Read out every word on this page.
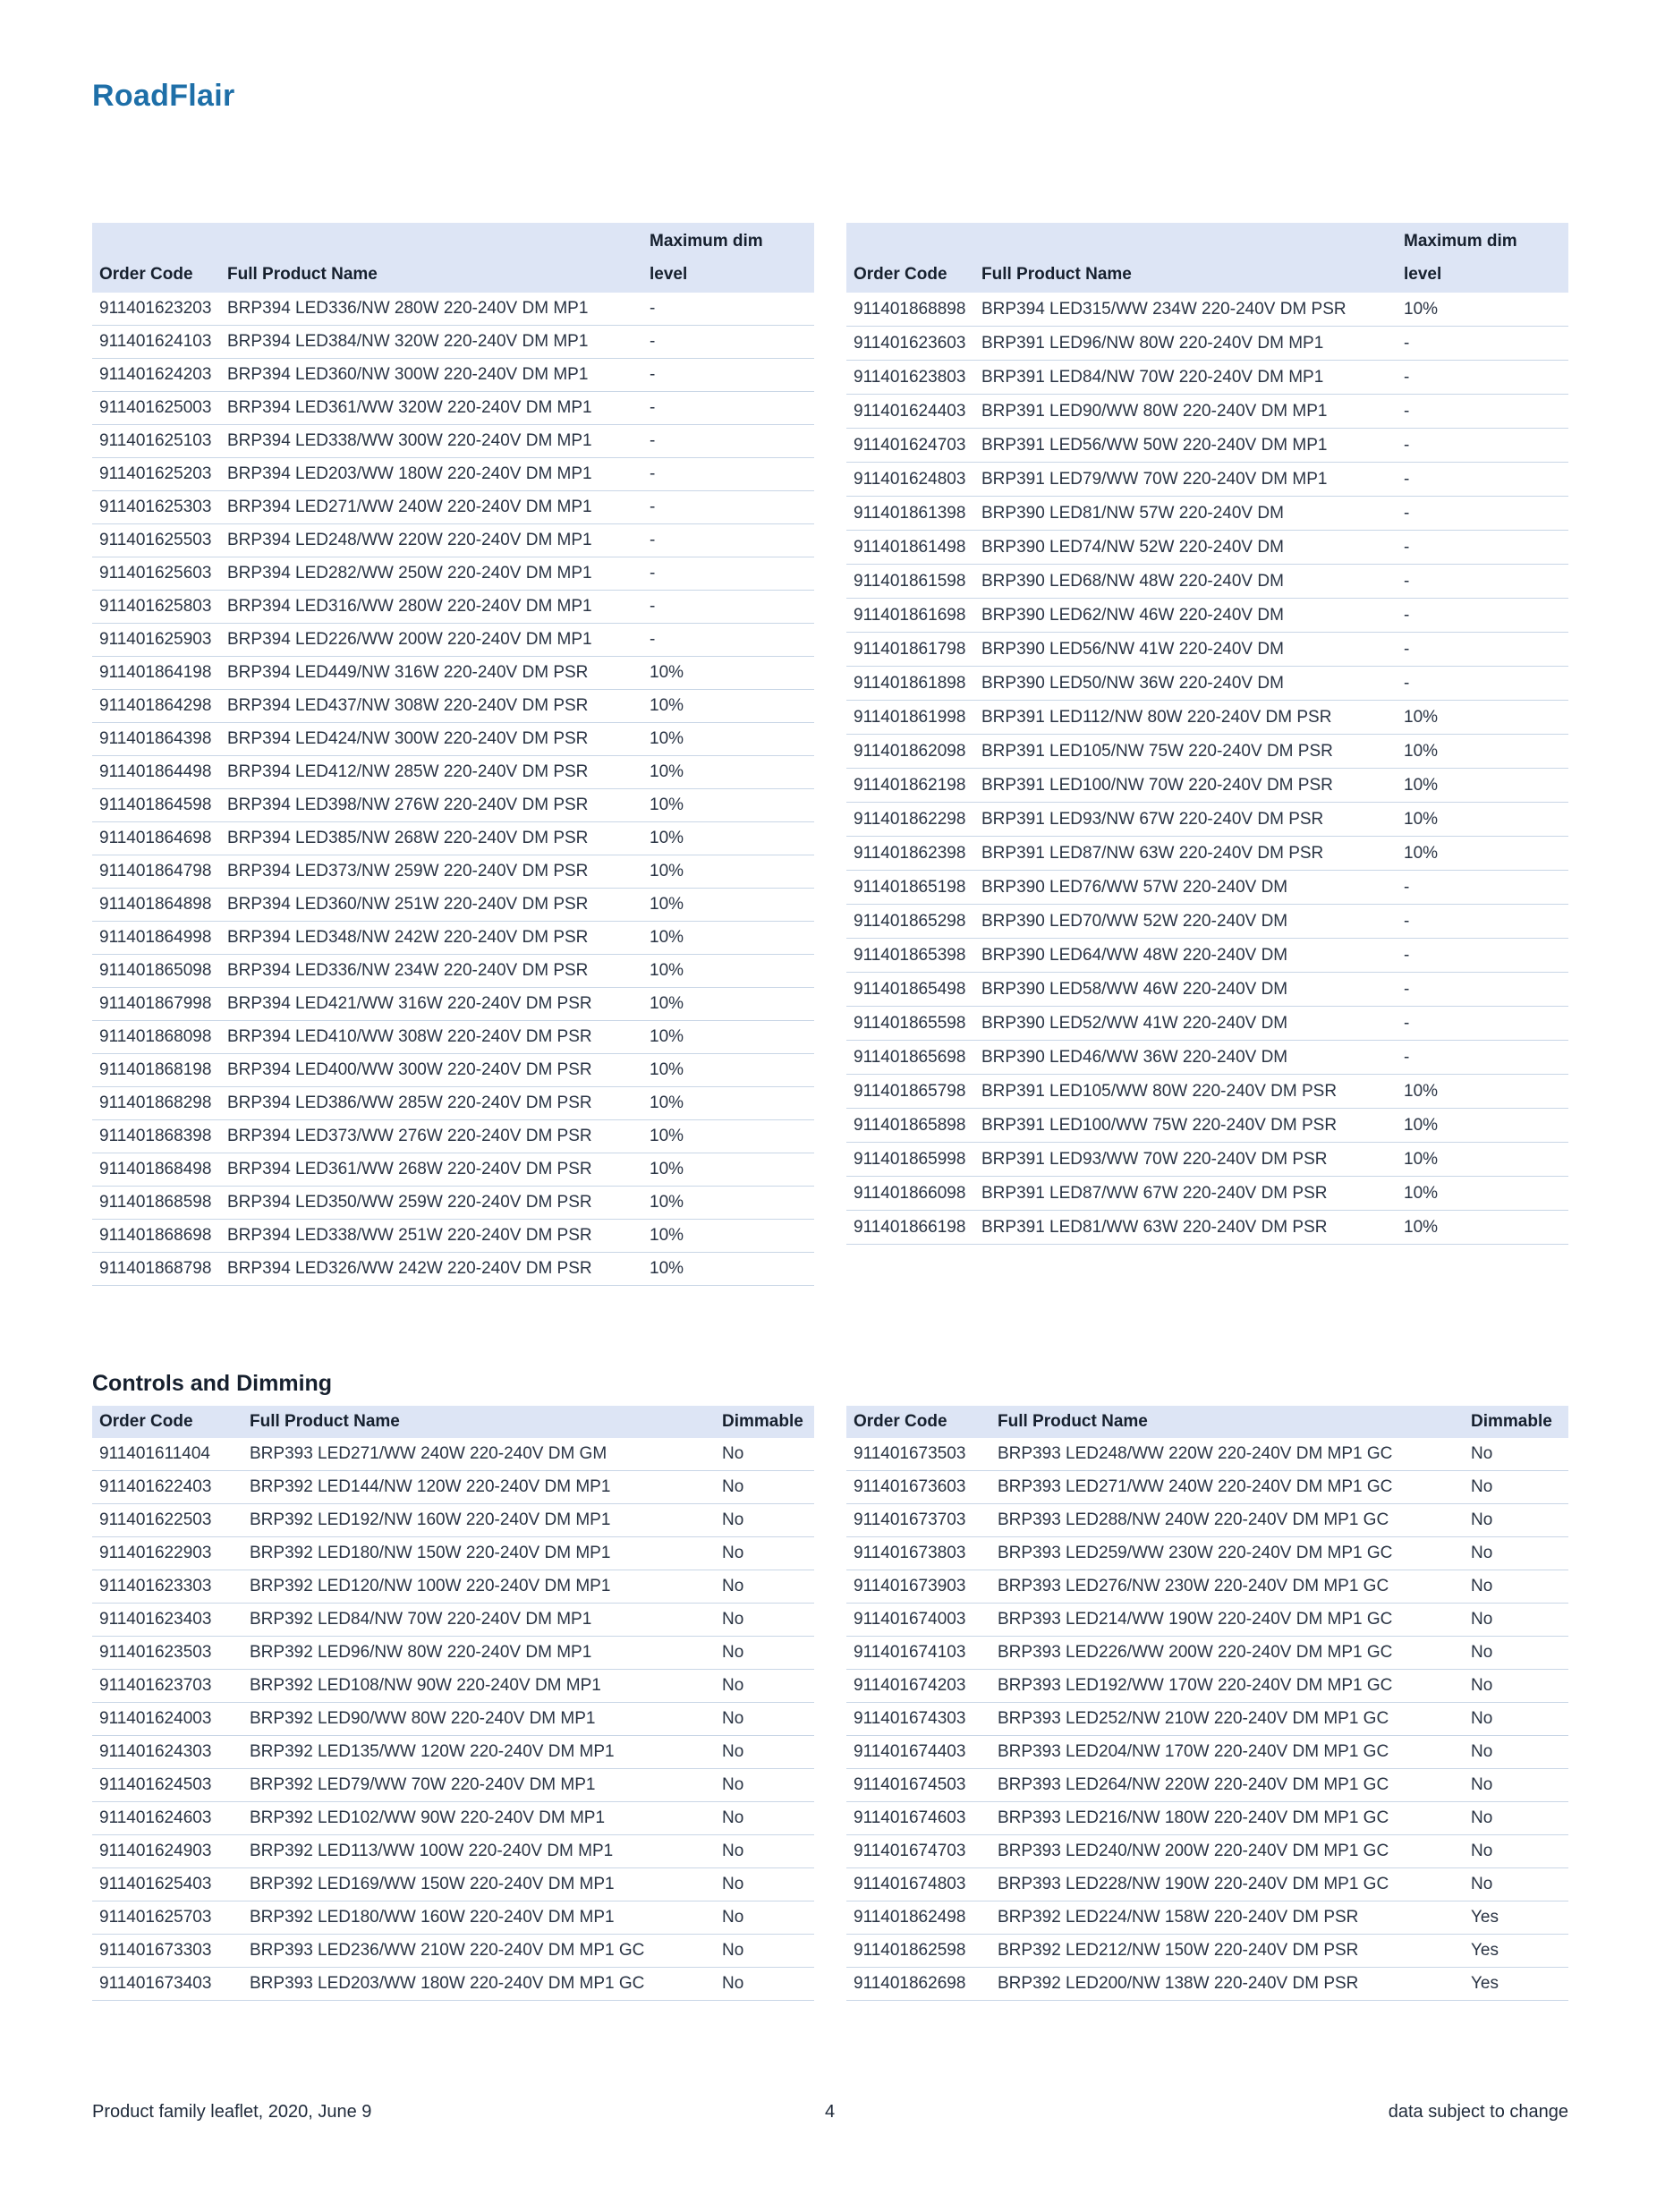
RoadFlair
Order Code	Full Product Name	Maximum dim
level
911401623203	BRP394 LED336/NW 280W 220-240V DM MP1	-
911401624103	BRP394 LED384/NW 320W 220-240V DM MP1	-
911401624203	BRP394 LED360/NW 300W 220-240V DM MP1	-
911401625003	BRP394 LED361/WW 320W 220-240V DM MP1	-
911401625103	BRP394 LED338/WW 300W 220-240V DM MP1	-
911401625203	BRP394 LED203/WW 180W 220-240V DM MP1	-
911401625303	BRP394 LED271/WW 240W 220-240V DM MP1	-
911401625503	BRP394 LED248/WW 220W 220-240V DM MP1	-
911401625603	BRP394 LED282/WW 250W 220-240V DM MP1	-
911401625803	BRP394 LED316/WW 280W 220-240V DM MP1	-
911401625903	BRP394 LED226/WW 200W 220-240V DM MP1	-
911401864198	BRP394 LED449/NW 316W 220-240V DM PSR	10%
911401864298	BRP394 LED437/NW 308W 220-240V DM PSR	10%
911401864398	BRP394 LED424/NW 300W 220-240V DM PSR	10%
911401864498	BRP394 LED412/NW 285W 220-240V DM PSR	10%
911401864598	BRP394 LED398/NW 276W 220-240V DM PSR	10%
911401864698	BRP394 LED385/NW 268W 220-240V DM PSR	10%
911401864798	BRP394 LED373/NW 259W 220-240V DM PSR	10%
911401864898	BRP394 LED360/NW 251W 220-240V DM PSR	10%
911401864998	BRP394 LED348/NW 242W 220-240V DM PSR	10%
911401865098	BRP394 LED336/NW 234W 220-240V DM PSR	10%
911401867998	BRP394 LED421/WW 316W 220-240V DM PSR	10%
911401868098	BRP394 LED410/WW 308W 220-240V DM PSR	10%
911401868198	BRP394 LED400/WW 300W 220-240V DM PSR	10%
911401868298	BRP394 LED386/WW 285W 220-240V DM PSR	10%
911401868398	BRP394 LED373/WW 276W 220-240V DM PSR	10%
911401868498	BRP394 LED361/WW 268W 220-240V DM PSR	10%
911401868598	BRP394 LED350/WW 259W 220-240V DM PSR	10%
911401868698	BRP394 LED338/WW 251W 220-240V DM PSR	10%
911401868798	BRP394 LED326/WW 242W 220-240V DM PSR	10%
Order Code	Full Product Name	Maximum dim
level
911401868898	BRP394 LED315/WW 234W 220-240V DM PSR	10%
911401623603	BRP391 LED96/NW 80W 220-240V DM MP1	-
911401623803	BRP391 LED84/NW 70W 220-240V DM MP1	-
911401624403	BRP391 LED90/WW 80W 220-240V DM MP1	-
911401624703	BRP391 LED56/WW 50W 220-240V DM MP1	-
911401624803	BRP391 LED79/WW 70W 220-240V DM MP1	-
911401861398	BRP390 LED81/NW 57W 220-240V DM	-
911401861498	BRP390 LED74/NW 52W 220-240V DM	-
911401861598	BRP390 LED68/NW 48W 220-240V DM	-
911401861698	BRP390 LED62/NW 46W 220-240V DM	-
911401861798	BRP390 LED56/NW 41W 220-240V DM	-
911401861898	BRP390 LED50/NW 36W 220-240V DM	-
911401861998	BRP391 LED112/NW 80W 220-240V DM PSR	10%
911401862098	BRP391 LED105/NW 75W 220-240V DM PSR	10%
911401862198	BRP391 LED100/NW 70W 220-240V DM PSR	10%
911401862298	BRP391 LED93/NW 67W 220-240V DM PSR	10%
911401862398	BRP391 LED87/NW 63W 220-240V DM PSR	10%
911401865198	BRP390 LED76/WW 57W 220-240V DM	-
911401865298	BRP390 LED70/WW 52W 220-240V DM	-
911401865398	BRP390 LED64/WW 48W 220-240V DM	-
911401865498	BRP390 LED58/WW 46W 220-240V DM	-
911401865598	BRP390 LED52/WW 41W 220-240V DM	-
911401865698	BRP390 LED46/WW 36W 220-240V DM	-
911401865798	BRP391 LED105/WW 80W 220-240V DM PSR	10%
911401865898	BRP391 LED100/WW 75W 220-240V DM PSR	10%
911401865998	BRP391 LED93/WW 70W 220-240V DM PSR	10%
911401866098	BRP391 LED87/WW 67W 220-240V DM PSR	10%
911401866198	BRP391 LED81/WW 63W 220-240V DM PSR	10%
Controls and Dimming
Order Code	Full Product Name	Dimmable
911401611404	BRP393 LED271/WW 240W 220-240V DM GM	No
911401622403	BRP392 LED144/NW 120W 220-240V DM MP1	No
911401622503	BRP392 LED192/NW 160W 220-240V DM MP1	No
911401622903	BRP392 LED180/NW 150W 220-240V DM MP1	No
911401623303	BRP392 LED120/NW 100W 220-240V DM MP1	No
911401623403	BRP392 LED84/NW 70W 220-240V DM MP1	No
911401623503	BRP392 LED96/NW 80W 220-240V DM MP1	No
911401623703	BRP392 LED108/NW 90W 220-240V DM MP1	No
911401624003	BRP392 LED90/WW 80W 220-240V DM MP1	No
911401624303	BRP392 LED135/WW 120W 220-240V DM MP1	No
911401624503	BRP392 LED79/WW 70W 220-240V DM MP1	No
911401624603	BRP392 LED102/WW 90W 220-240V DM MP1	No
911401624903	BRP392 LED113/WW 100W 220-240V DM MP1	No
911401625403	BRP392 LED169/WW 150W 220-240V DM MP1	No
911401625703	BRP392 LED180/WW 160W 220-240V DM MP1	No
911401673303	BRP393 LED236/WW 210W 220-240V DM MP1 GC	No
911401673403	BRP393 LED203/WW 180W 220-240V DM MP1 GC	No
Order Code	Full Product Name	Dimmable
911401673503	BRP393 LED248/WW 220W 220-240V DM MP1 GC	No
911401673603	BRP393 LED271/WW 240W 220-240V DM MP1 GC	No
911401673703	BRP393 LED288/NW 240W 220-240V DM MP1 GC	No
911401673803	BRP393 LED259/WW 230W 220-240V DM MP1 GC	No
911401673903	BRP393 LED276/NW 230W 220-240V DM MP1 GC	No
911401674003	BRP393 LED214/WW 190W 220-240V DM MP1 GC	No
911401674103	BRP393 LED226/WW 200W 220-240V DM MP1 GC	No
911401674203	BRP393 LED192/WW 170W 220-240V DM MP1 GC	No
911401674303	BRP393 LED252/NW 210W 220-240V DM MP1 GC	No
911401674403	BRP393 LED204/NW 170W 220-240V DM MP1 GC	No
911401674503	BRP393 LED264/NW 220W 220-240V DM MP1 GC	No
911401674603	BRP393 LED216/NW 180W 220-240V DM MP1 GC	No
911401674703	BRP393 LED240/NW 200W 220-240V DM MP1 GC	No
911401674803	BRP393 LED228/NW 190W 220-240V DM MP1 GC	No
911401862498	BRP392 LED224/NW 158W 220-240V DM PSR	Yes
911401862598	BRP392 LED212/NW 150W 220-240V DM PSR	Yes
911401862698	BRP392 LED200/NW 138W 220-240V DM PSR	Yes
Product family leaflet, 2020, June 9	4	data subject to change
